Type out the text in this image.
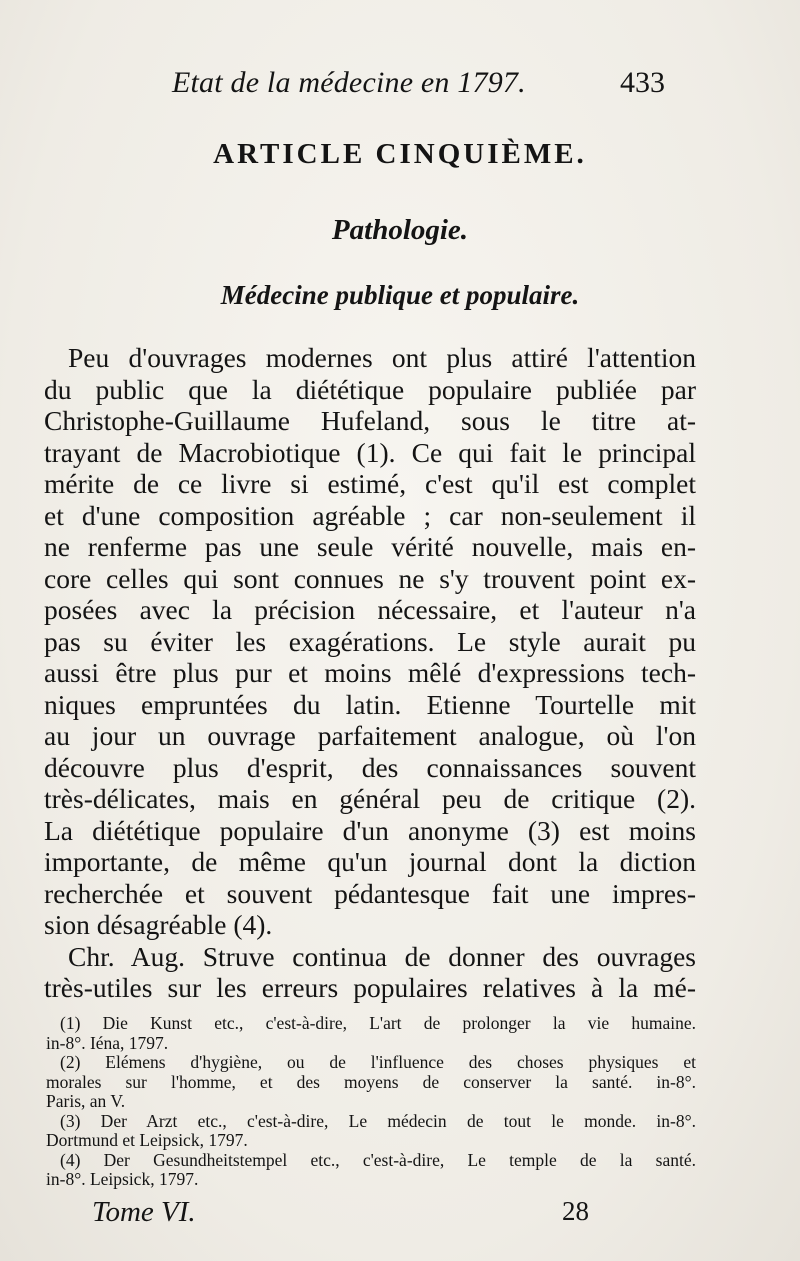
Etat de la médecine en 1797.	433
ARTICLE CINQUIÈME.
Pathologie.
Médecine publique et populaire.
Peu d'ouvrages modernes ont plus attiré l'attention
du public que la diététique populaire publiée par
Christophe-Guillaume Hufeland, sous le titre at-
trayant de Macrobiotique (1). Ce qui fait le principal
mérite de ce livre si estimé, c'est qu'il est complet
et d'une composition agréable ; car non-seulement il
ne renferme pas une seule vérité nouvelle, mais en-
core celles qui sont connues ne s'y trouvent point ex-
posées avec la précision nécessaire, et l'auteur n'a
pas su éviter les exagérations. Le style aurait pu
aussi être plus pur et moins mêlé d'expressions tech-
niques empruntées du latin. Etienne Tourtelle mit
au jour un ouvrage parfaitement analogue, où l'on
découvre plus d'esprit, des connaissances souvent
très-délicates, mais en général peu de critique (2).
La diététique populaire d'un anonyme (3) est moins
importante, de même qu'un journal dont la diction
recherchée et souvent pédantesque fait une impres-
sion désagréable (4).
Chr. Aug. Struve continua de donner des ouvrages
très-utiles sur les erreurs populaires relatives à la mé-
(1) Die Kunst etc., c'est-à-dire, L'art de prolonger la vie humaine.
in-8°. Iéna, 1797.
(2) Elémens d'hygiène, ou de l'influence des choses physiques et
morales sur l'homme, et des moyens de conserver la santé. in-8°.
Paris, an V.
(3) Der Arzt etc., c'est-à-dire, Le médecin de tout le monde. in-8°.
Dortmund et Leipsick, 1797.
(4) Der Gesundheitstempel etc., c'est-à-dire, Le temple de la santé.
in-8°. Leipsick, 1797.
Tome VI.	28
